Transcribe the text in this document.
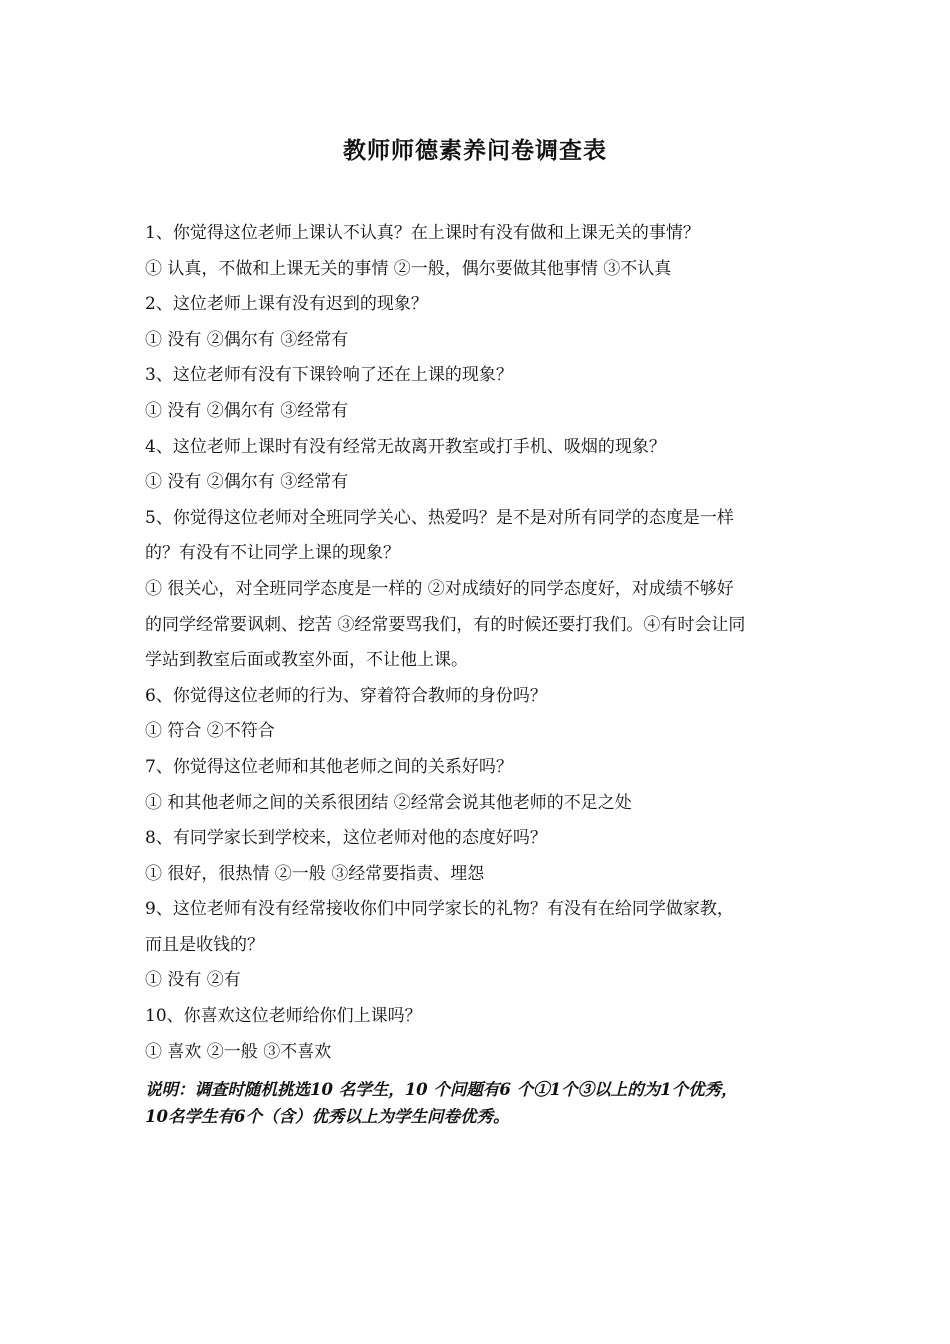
教师师德素养问卷调查表
1、你觉得这位老师上课认不认真？在上课时有没有做和上课无关的事情？
① 认真，不做和上课无关的事情 ②一般，偶尔要做其他事情 ③不认真
2、这位老师上课有没有迟到的现象？
① 没有 ②偶尔有 ③经常有
3、这位老师有没有下课铃响了还在上课的现象？
① 没有 ②偶尔有 ③经常有
4、这位老师上课时有没有经常无故离开教室或打手机、吸烟的现象？
① 没有 ②偶尔有 ③经常有
5、你觉得这位老师对全班同学关心、热爱吗？是不是对所有同学的态度是一样
的？有没有不让同学上课的现象？
① 很关心，对全班同学态度是一样的 ②对成绩好的同学态度好，对成绩不够好
的同学经常要讽刺、挖苦 ③经常要骂我们，有的时候还要打我们。④有时会让同
学站到教室后面或教室外面，不让他上课。
6、你觉得这位老师的行为、穿着符合教师的身份吗？
① 符合 ②不符合
7、你觉得这位老师和其他老师之间的关系好吗？
① 和其他老师之间的关系很团结 ②经常会说其他老师的不足之处
8、有同学家长到学校来，这位老师对他的态度好吗？
① 很好，很热情 ②一般 ③经常要指责、埋怨
9、这位老师有没有经常接收你们中同学家长的礼物？有没有在给同学做家教，
而且是收钱的？
① 没有 ②有
10、你喜欢这位老师给你们上课吗？
① 喜欢 ②一般 ③不喜欢
说明：调查时随机挑选10 名学生，10 个问题有6 个①1个③以上的为1个优秀，
10名学生有6个（含）优秀以上为学生问卷优秀。
